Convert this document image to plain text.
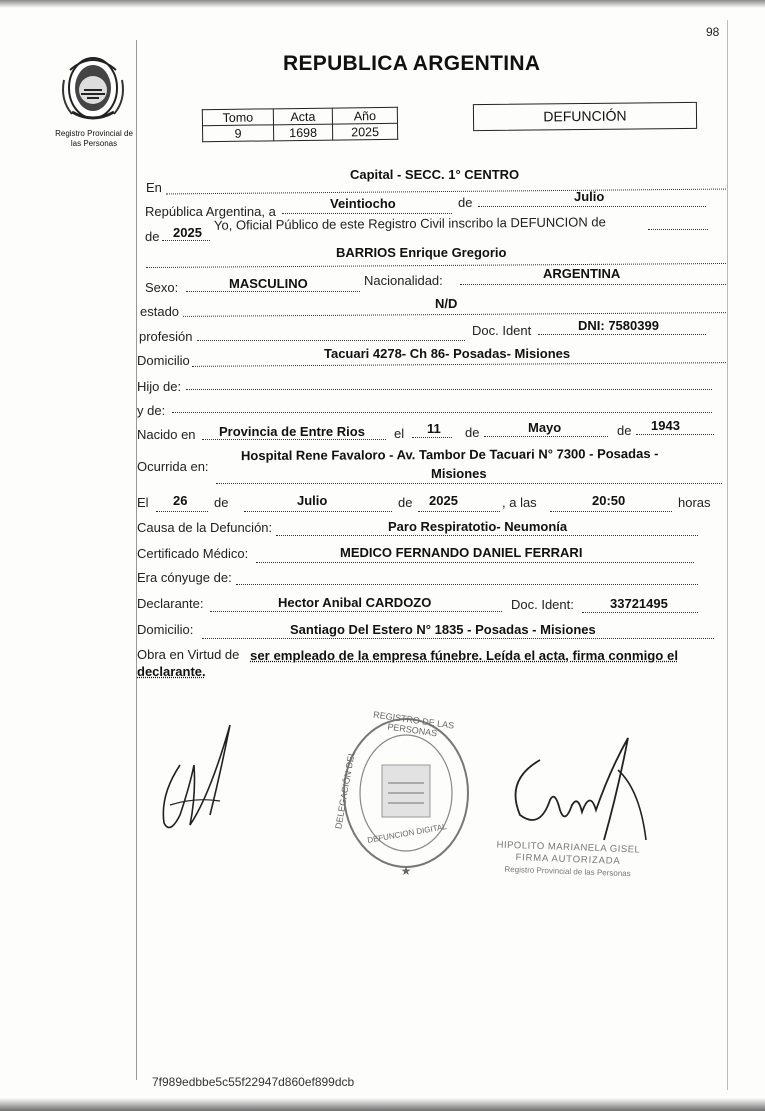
98
Registro Provincial de
las Personas
REPUBLICA ARGENTINA
Tomo	Acta	Año
9	1698	2025
DEFUNCIÓN
En
Capital - SECC. 1° CENTRO
República Argentina, a
Veintiocho	de	Julio
de 2025 Yo, Oficial Público de este Registro Civil inscribo la DEFUNCION de
BARRIOS Enrique Gregorio
Sexo:	MASCULINO	Nacionalidad:	ARGENTINA
estado
N/D
profesión	Doc. Ident	DNI: 7580399
Domicilio	Tacuari 4278- Ch 86- Posadas- Misiones
Hijo de:
y de:
Nacido en Provincia de Entre Rios el 11 de	Mayo	de 1943
Ocurrida en:
Hospital Rene Favaloro - Av. Tambor De Tacuari N° 7300 - Posadas -
Misiones
El 26 de	Julio	de 2025	, a las	20:50	horas
Causa de la Defunción:	Paro Respiratotio- Neumonía
Certificado Médico:	MEDICO FERNANDO DANIEL FERRARI
Era cónyuge de:
Declarante:	Hector Anibal CARDOZO	Doc. Ident:	33721495
Domicilio:	Santiago Del Estero N° 1835 - Posadas - Misiones
Obra en Virtud de ser empleado de la empresa fúnebre. Leída el acta, firma conmigo el
declarante.
★
REGISTRO DE LAS PERSONAS
DELEGACIÓN DEL
DEFUNCION DIGITAL
HIPOLITO MARIANELA GISEL
FIRMA AUTORIZADA
Registro Provincial de las Personas
7f989edbbe5c55f22947d860ef899dcb
